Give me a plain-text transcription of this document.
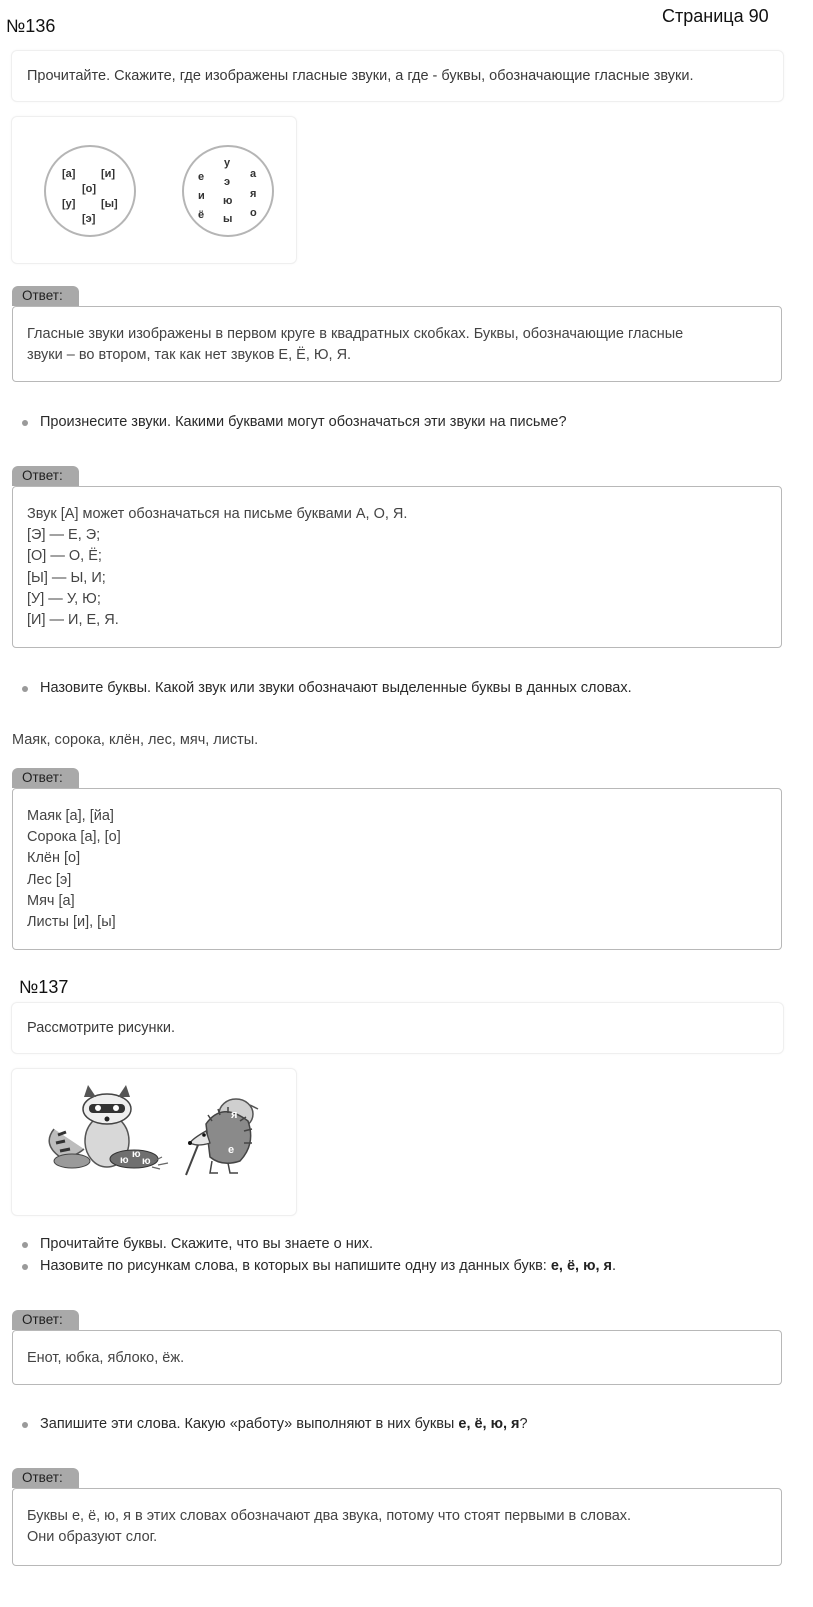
№136	Страница 90
Прочитайте. Скажите, где изображены гласные звуки, а где - буквы, обозначающие гласные звуки.
[а] [и]
[о]
[у] [ы]
[э]
у
е э
а
и	я
ю
ё	о
ы
Ответ:
Гласные звуки изображены в первом круге в квадратных скобках. Буквы, обозначающие гласные
звуки – во втором, так как нет звуков Е, Ё, Ю, Я.
Произнесите звуки. Какими буквами могут обозначаться эти звуки на письме?
Ответ:
Звук [А] может обозначаться на письме буквами А, О, Я.
[Э] — Е, Э;
[О] — О, Ё;
[Ы] — Ы, И;
[У] — У, Ю;
[И] — И, Е, Я.
Назовите буквы. Какой звук или звуки обозначают выделенные буквы в данных словах.
Маяк, сорока, клён, лес, мяч, листы.
Ответ:
Маяк [а], [йа]
Сорока [а], [о]
Клён [о]
Лес [э]
Мяч [а]
Листы [и], [ы]
№137
Рассмотрите рисунки.
ю
ю
ю
я
е
Прочитайте буквы. Скажите, что вы знаете о них.
Назовите по рисункам слова, в которых вы напишите одну из данных букв: е, ё, ю, я.
Ответ:
Енот, юбка, яблоко, ёж.
Запишите эти слова. Какую «работу» выполняют в них буквы е, ё, ю, я?
Ответ:
Буквы е, ё, ю, я в этих словах обозначают два звука, потому что стоят первыми в словах.
Они образуют слог.
